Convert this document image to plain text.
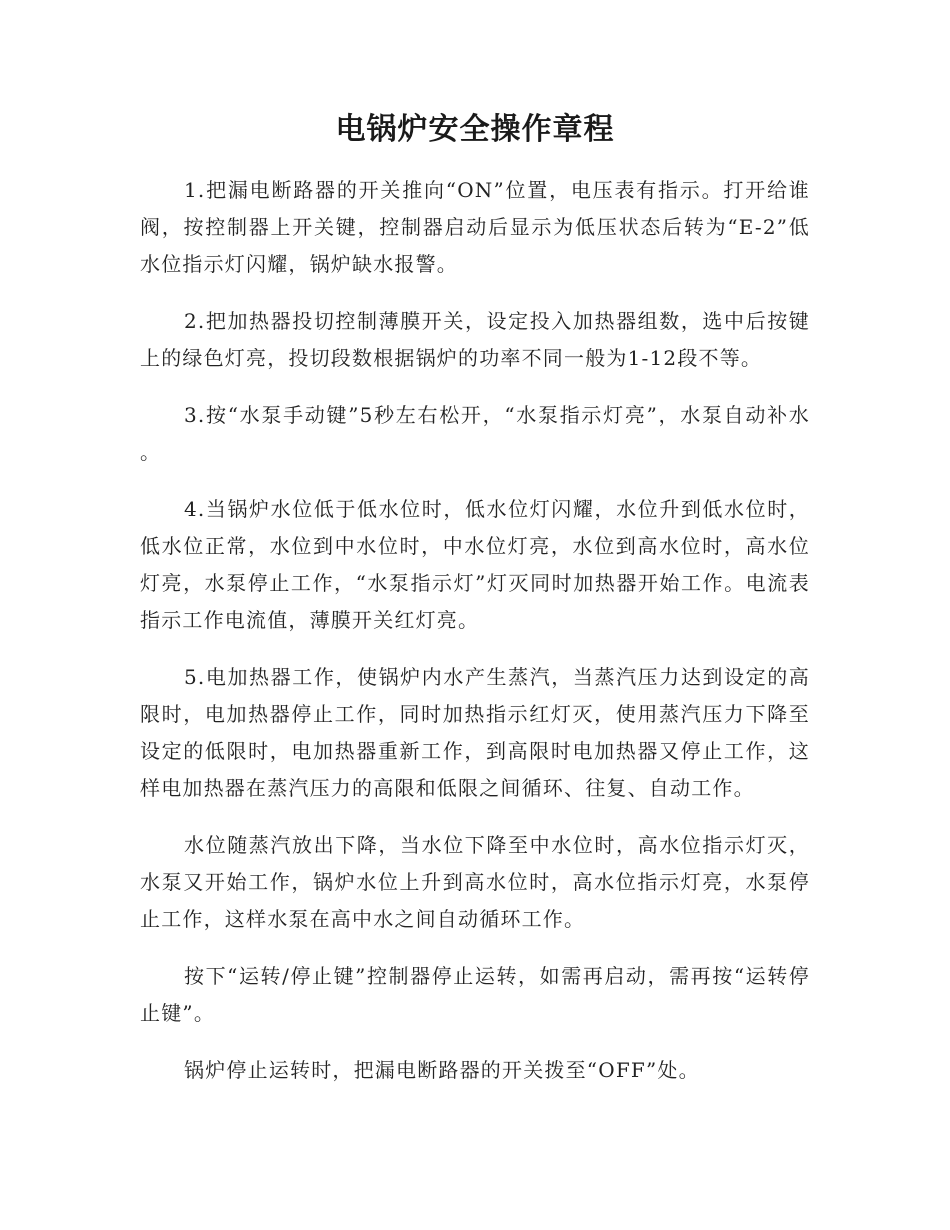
电锅炉安全操作章程

1.把漏电断路器的开关推向“ON”位置，电压表有指示。打开给谁阀，按控制器上开关键，控制器启动后显示为低压状态后转为“E-2”低水位指示灯闪耀，锅炉缺水报警。

2.把加热器投切控制薄膜开关，设定投入加热器组数，选中后按键上的绿色灯亮，投切段数根据锅炉的功率不同一般为1-12段不等。

3.按“水泵手动键”5秒左右松开，“水泵指示灯亮”，水泵自动补水。

4.当锅炉水位低于低水位时，低水位灯闪耀，水位升到低水位时，低水位正常，水位到中水位时，中水位灯亮，水位到高水位时，高水位灯亮，水泵停止工作，“水泵指示灯”灯灭同时加热器开始工作。电流表指示工作电流值，薄膜开关红灯亮。

5.电加热器工作，使锅炉内水产生蒸汽，当蒸汽压力达到设定的高限时，电加热器停止工作，同时加热指示红灯灭，使用蒸汽压力下降至设定的低限时，电加热器重新工作，到高限时电加热器又停止工作，这样电加热器在蒸汽压力的高限和低限之间循环、往复、自动工作。

水位随蒸汽放出下降，当水位下降至中水位时，高水位指示灯灭，水泵又开始工作，锅炉水位上升到高水位时，高水位指示灯亮，水泵停止工作，这样水泵在高中水之间自动循环工作。

按下“运转/停止键”控制器停止运转，如需再启动，需再按“运转停止键”。

锅炉停止运转时，把漏电断路器的开关拨至“OFF”处。
